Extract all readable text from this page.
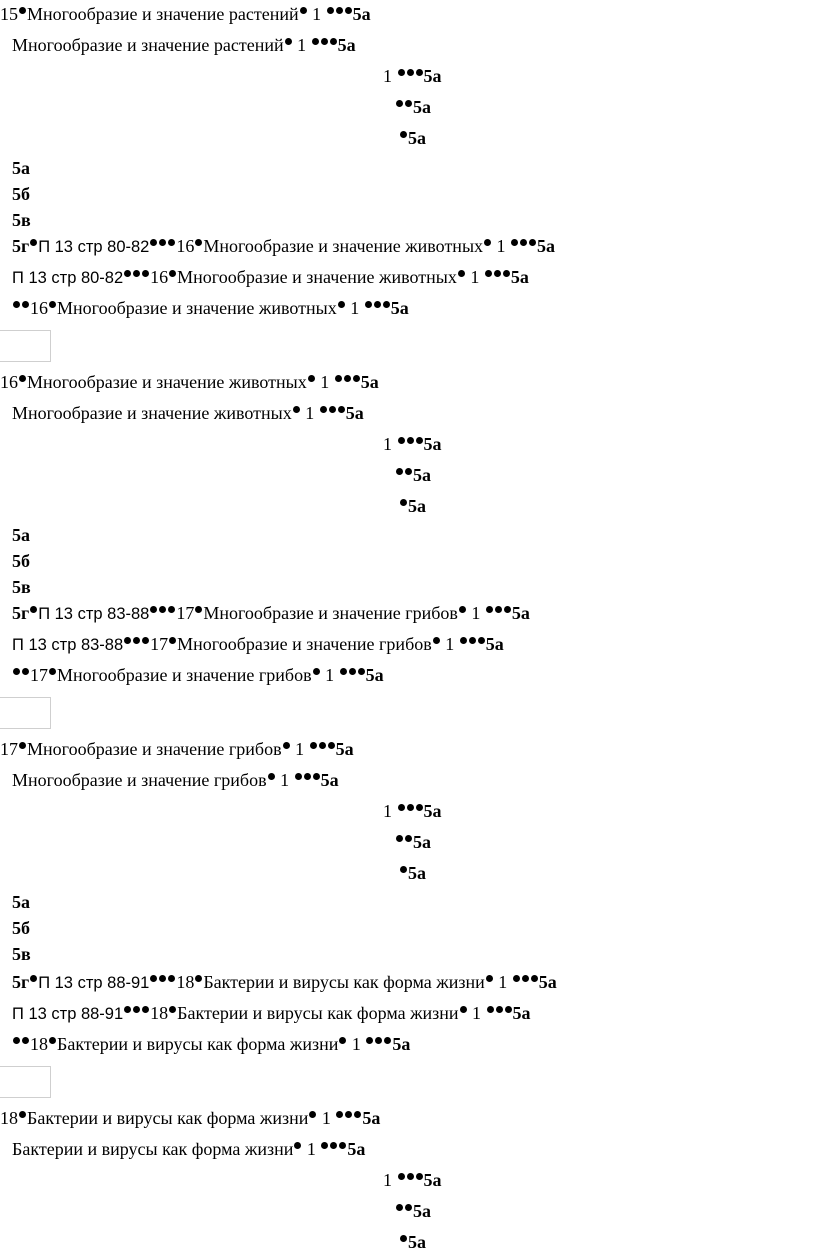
15 Многообразие и значение растений 1 5а
Многообразие и значение растений 1 5а
1 5а
5а
5а
5а
5б
5в
5г П 13 стр 80-82 16 Многообразие и значение животных 1 5а
П 13 стр 80-82 16 Многообразие и значение животных 1 5а
16 Многообразие и значение животных 1 5а
16 Многообразие и значение животных 1 5а
Многообразие и значение животных 1 5а
1 5а
5а
5а
5а
5б
5в
5г П 13 стр 83-88 17 Многообразие и значение грибов 1 5а
П 13 стр 83-88 17 Многообразие и значение грибов 1 5а
17 Многообразие и значение грибов 1 5а
17 Многообразие и значение грибов 1 5а
Многообразие и значение грибов 1 5а
1 5а
5а
5а
5а
5б
5в
5г П 13 стр 88-91 18 Бактерии и вирусы как форма жизни 1 5а
П 13 стр 88-91 18 Бактерии и вирусы как форма жизни 1 5а
18 Бактерии и вирусы как форма жизни 1 5а
18 Бактерии и вирусы как форма жизни 1 5а
Бактерии и вирусы как форма жизни 1 5а
1 5а
5а
5а
